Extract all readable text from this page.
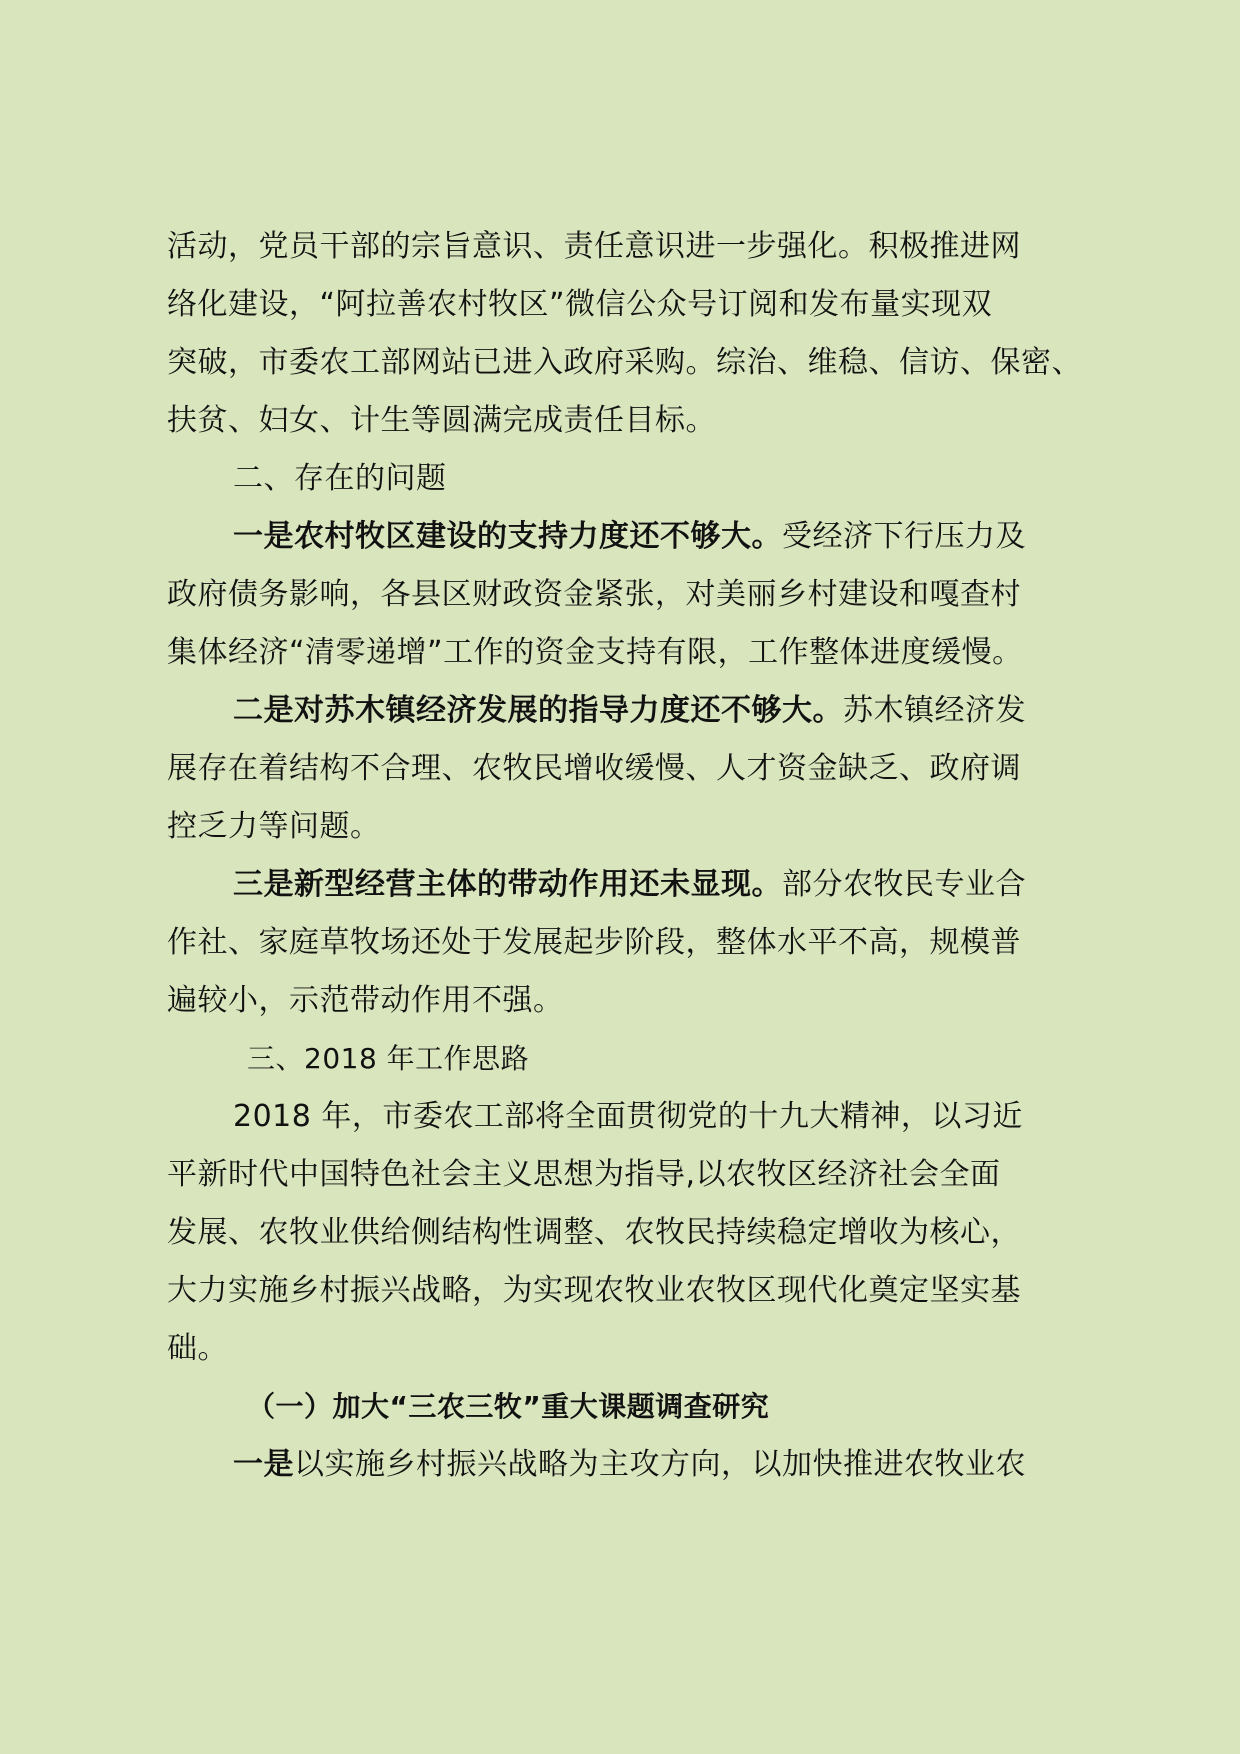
活动，党员干部的宗旨意识、责任意识进一步强化。积极推进网
络化建设，“阿拉善农村牧区”微信公众号订阅和发布量实现双
突破，市委农工部网站已进入政府采购。综治、维稳、信访、保密、
扶贫、妇女、计生等圆满完成责任目标。
二、存在的问题
一是农村牧区建设的支持力度还不够大。受经济下行压力及
政府债务影响，各县区财政资金紧张，对美丽乡村建设和嘎查村
集体经济“清零递增”工作的资金支持有限，工作整体进度缓慢。
二是对苏木镇经济发展的指导力度还不够大。苏木镇经济发
展存在着结构不合理、农牧民增收缓慢、人才资金缺乏、政府调
控乏力等问题。
三是新型经营主体的带动作用还未显现。部分农牧民专业合
作社、家庭草牧场还处于发展起步阶段，整体水平不高，规模普
遍较小，示范带动作用不强。
三、2018 年工作思路
2018 年，市委农工部将全面贯彻党的十九大精神，以习近
平新时代中国特色社会主义思想为指导,以农牧区经济社会全面
发展、农牧业供给侧结构性调整、农牧民持续稳定增收为核心，
大力实施乡村振兴战略，为实现农牧业农牧区现代化奠定坚实基
础。
（一）加大“三农三牧”重大课题调查研究
一是以实施乡村振兴战略为主攻方向，以加快推进农牧业农
